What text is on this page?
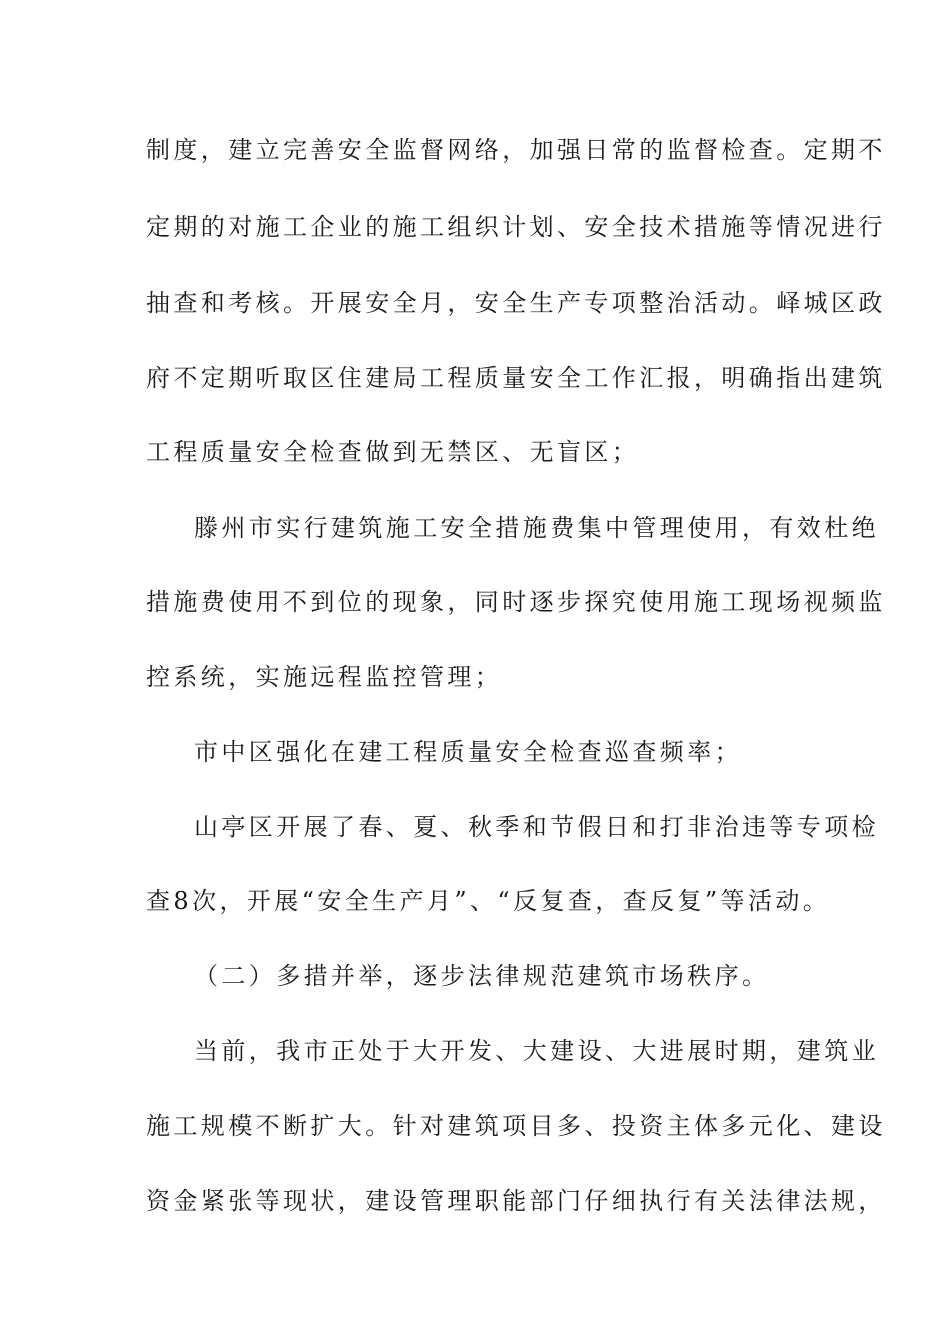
制度，建立完善安全监督网络，加强日常的监督检查。定期不
定期的对施工企业的施工组织计划、安全技术措施等情况进行
抽查和考核。开展安全月，安全生产专项整治活动。峄城区政
府不定期听取区住建局工程质量安全工作汇报，明确指出建筑
工程质量安全检查做到无禁区、无盲区；
滕州市实行建筑施工安全措施费集中管理使用，有效杜绝
措施费使用不到位的现象，同时逐步探究使用施工现场视频监
控系统，实施远程监控管理；
市中区强化在建工程质量安全检查巡查频率；
山亭区开展了春、夏、秋季和节假日和打非治违等专项检
查8次，开展“安全生产月”、“反复查，查反复”等活动。
（二）多措并举，逐步法律规范建筑市场秩序。
当前，我市正处于大开发、大建设、大进展时期，建筑业
施工规模不断扩大。针对建筑项目多、投资主体多元化、建设
资金紧张等现状，建设管理职能部门仔细执行有关法律法规，
